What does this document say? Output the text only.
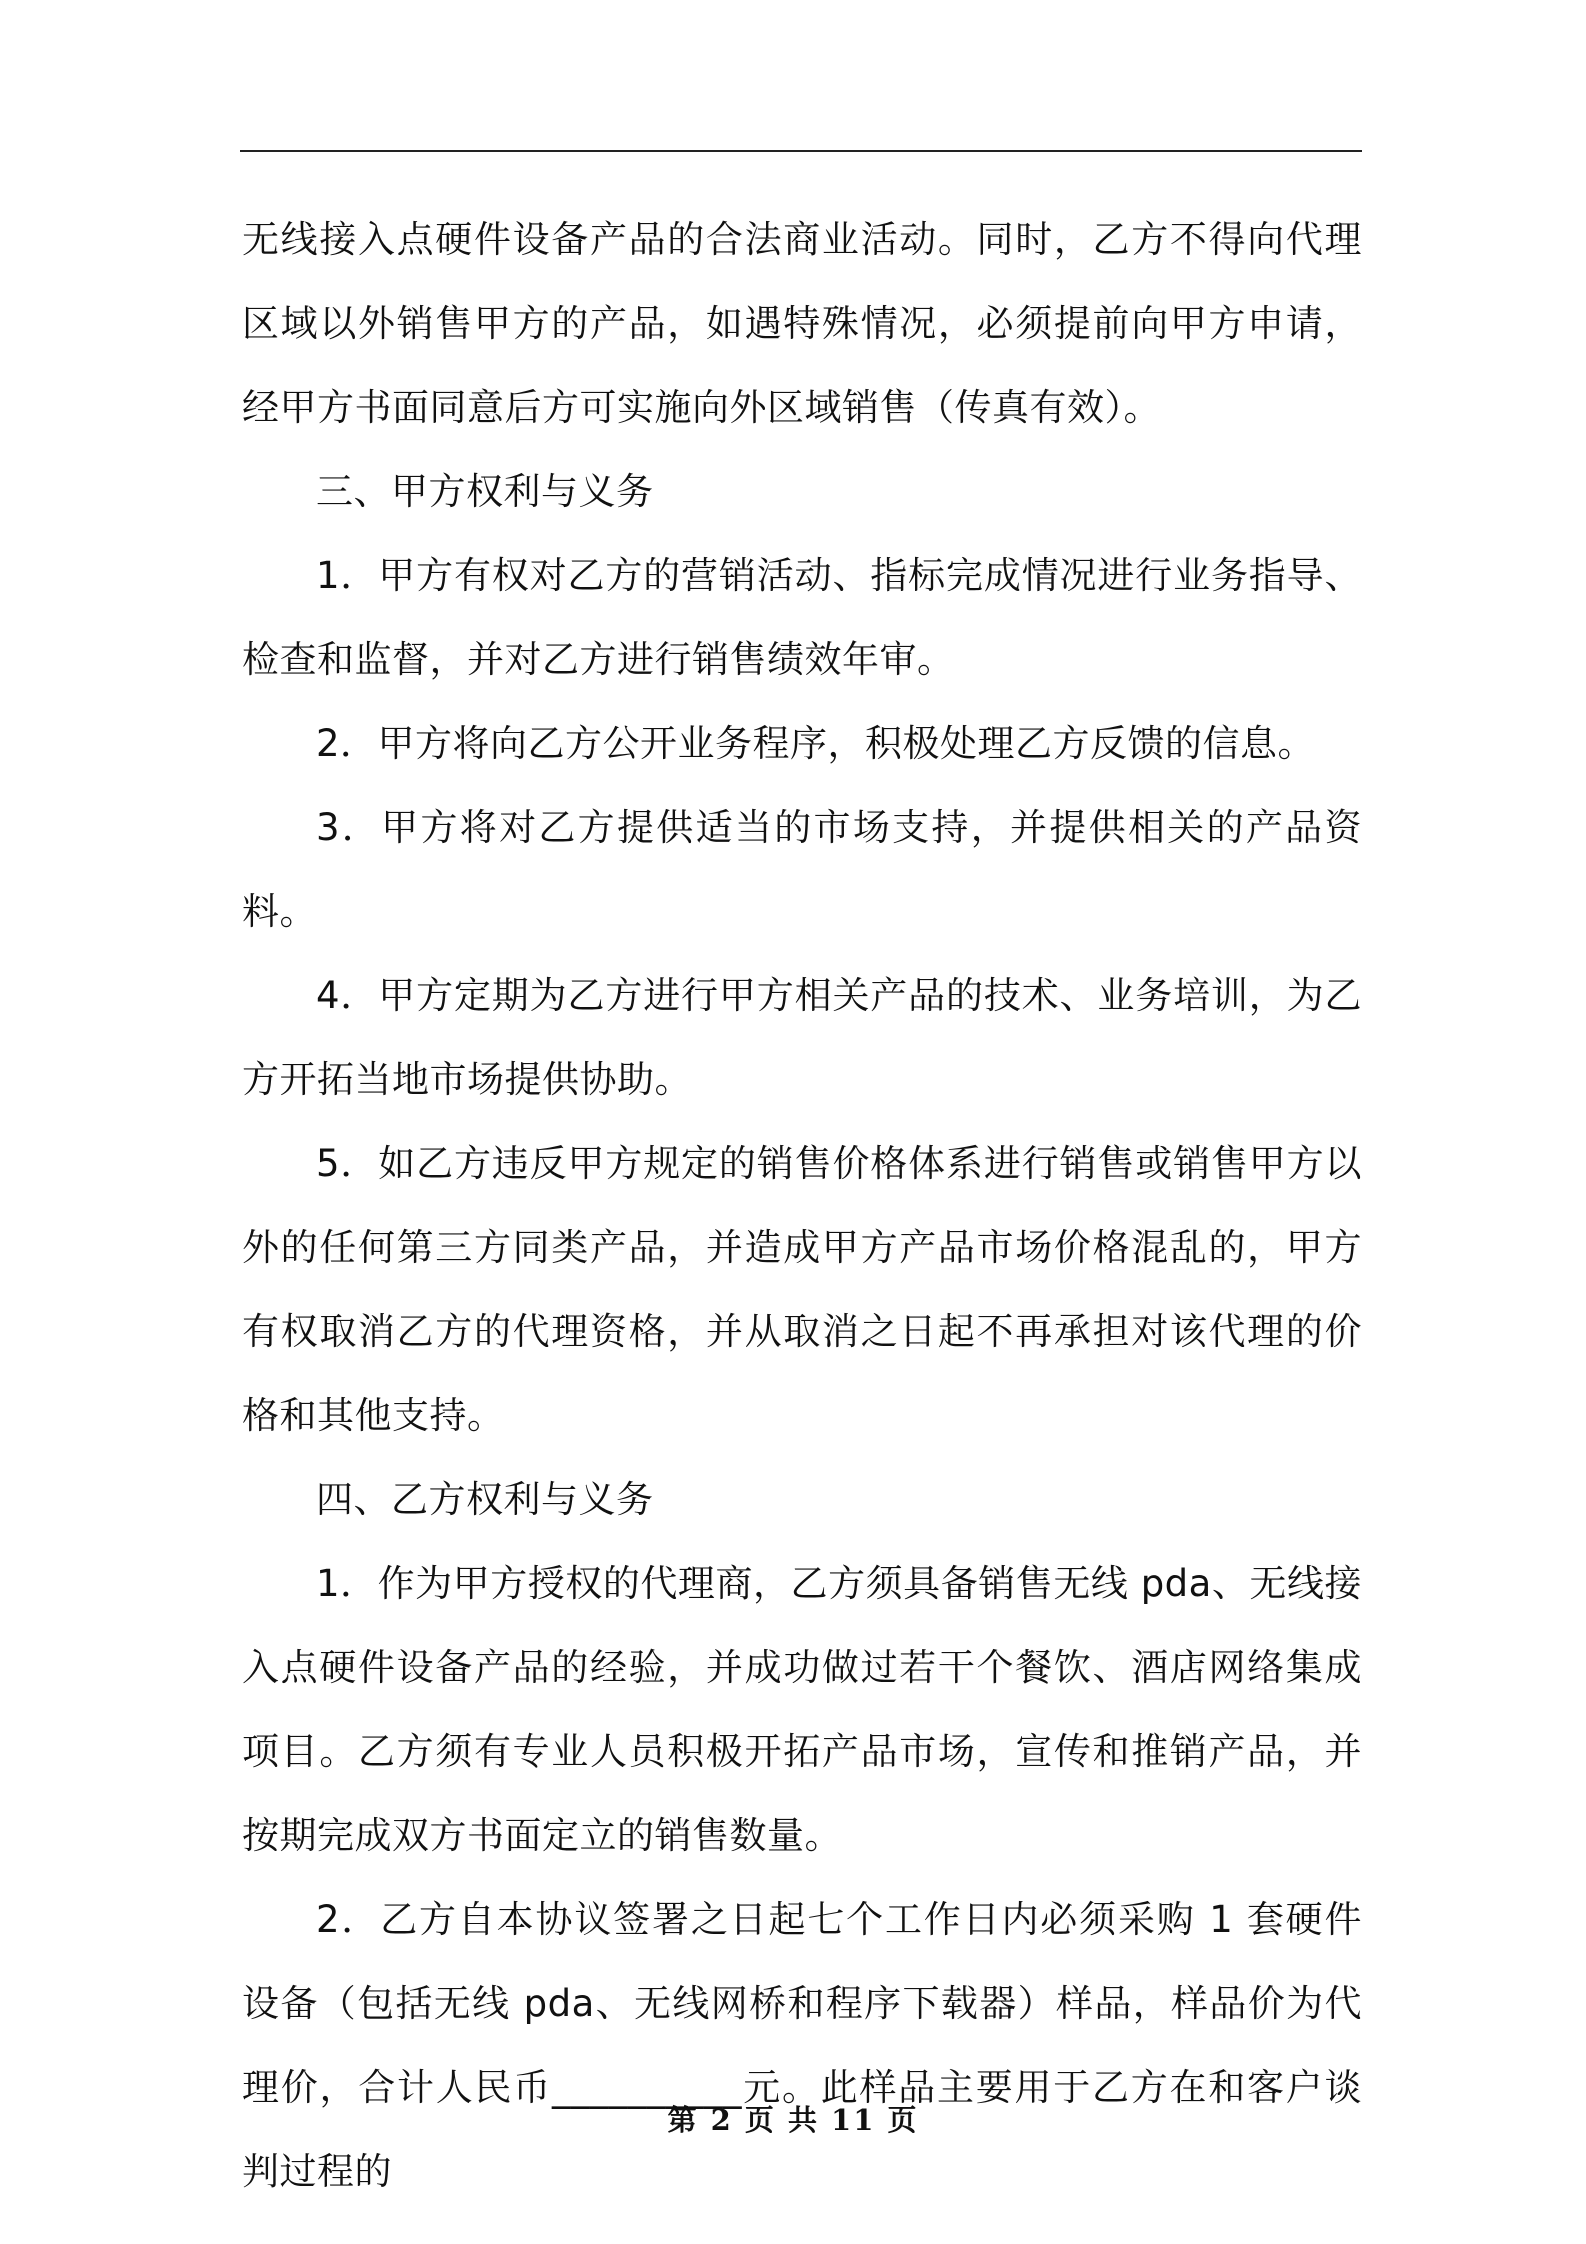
无线接入点硬件设备产品的合法商业活动。同时，乙方不得向代理区域以外销售甲方的产品，如遇特殊情况，必须提前向甲方申请，经甲方书面同意后方可实施向外区域销售（传真有效）。

三、甲方权利与义务

1．甲方有权对乙方的营销活动、指标完成情况进行业务指导、检查和监督，并对乙方进行销售绩效年审。

2．甲方将向乙方公开业务程序，积极处理乙方反馈的信息。

3．甲方将对乙方提供适当的市场支持，并提供相关的产品资料。

4．甲方定期为乙方进行甲方相关产品的技术、业务培训，为乙方开拓当地市场提供协助。

5．如乙方违反甲方规定的销售价格体系进行销售或销售甲方以外的任何第三方同类产品，并造成甲方产品市场价格混乱的，甲方有权取消乙方的代理资格，并从取消之日起不再承担对该代理的价格和其他支持。

四、乙方权利与义务

1．作为甲方授权的代理商，乙方须具备销售无线 pda、无线接入点硬件设备产品的经验，并成功做过若干个餐饮、酒店网络集成项目。乙方须有专业人员积极开拓产品市场，宣传和推销产品，并按期完成双方书面定立的销售数量。

2．乙方自本协议签署之日起七个工作日内必须采购 1 套硬件设备（包括无线 pda、无线网桥和程序下载器）样品，样品价为代理价，合计人民币__________元。此样品主要用于乙方在和客户谈判过程的

第 2 页 共 11 页
